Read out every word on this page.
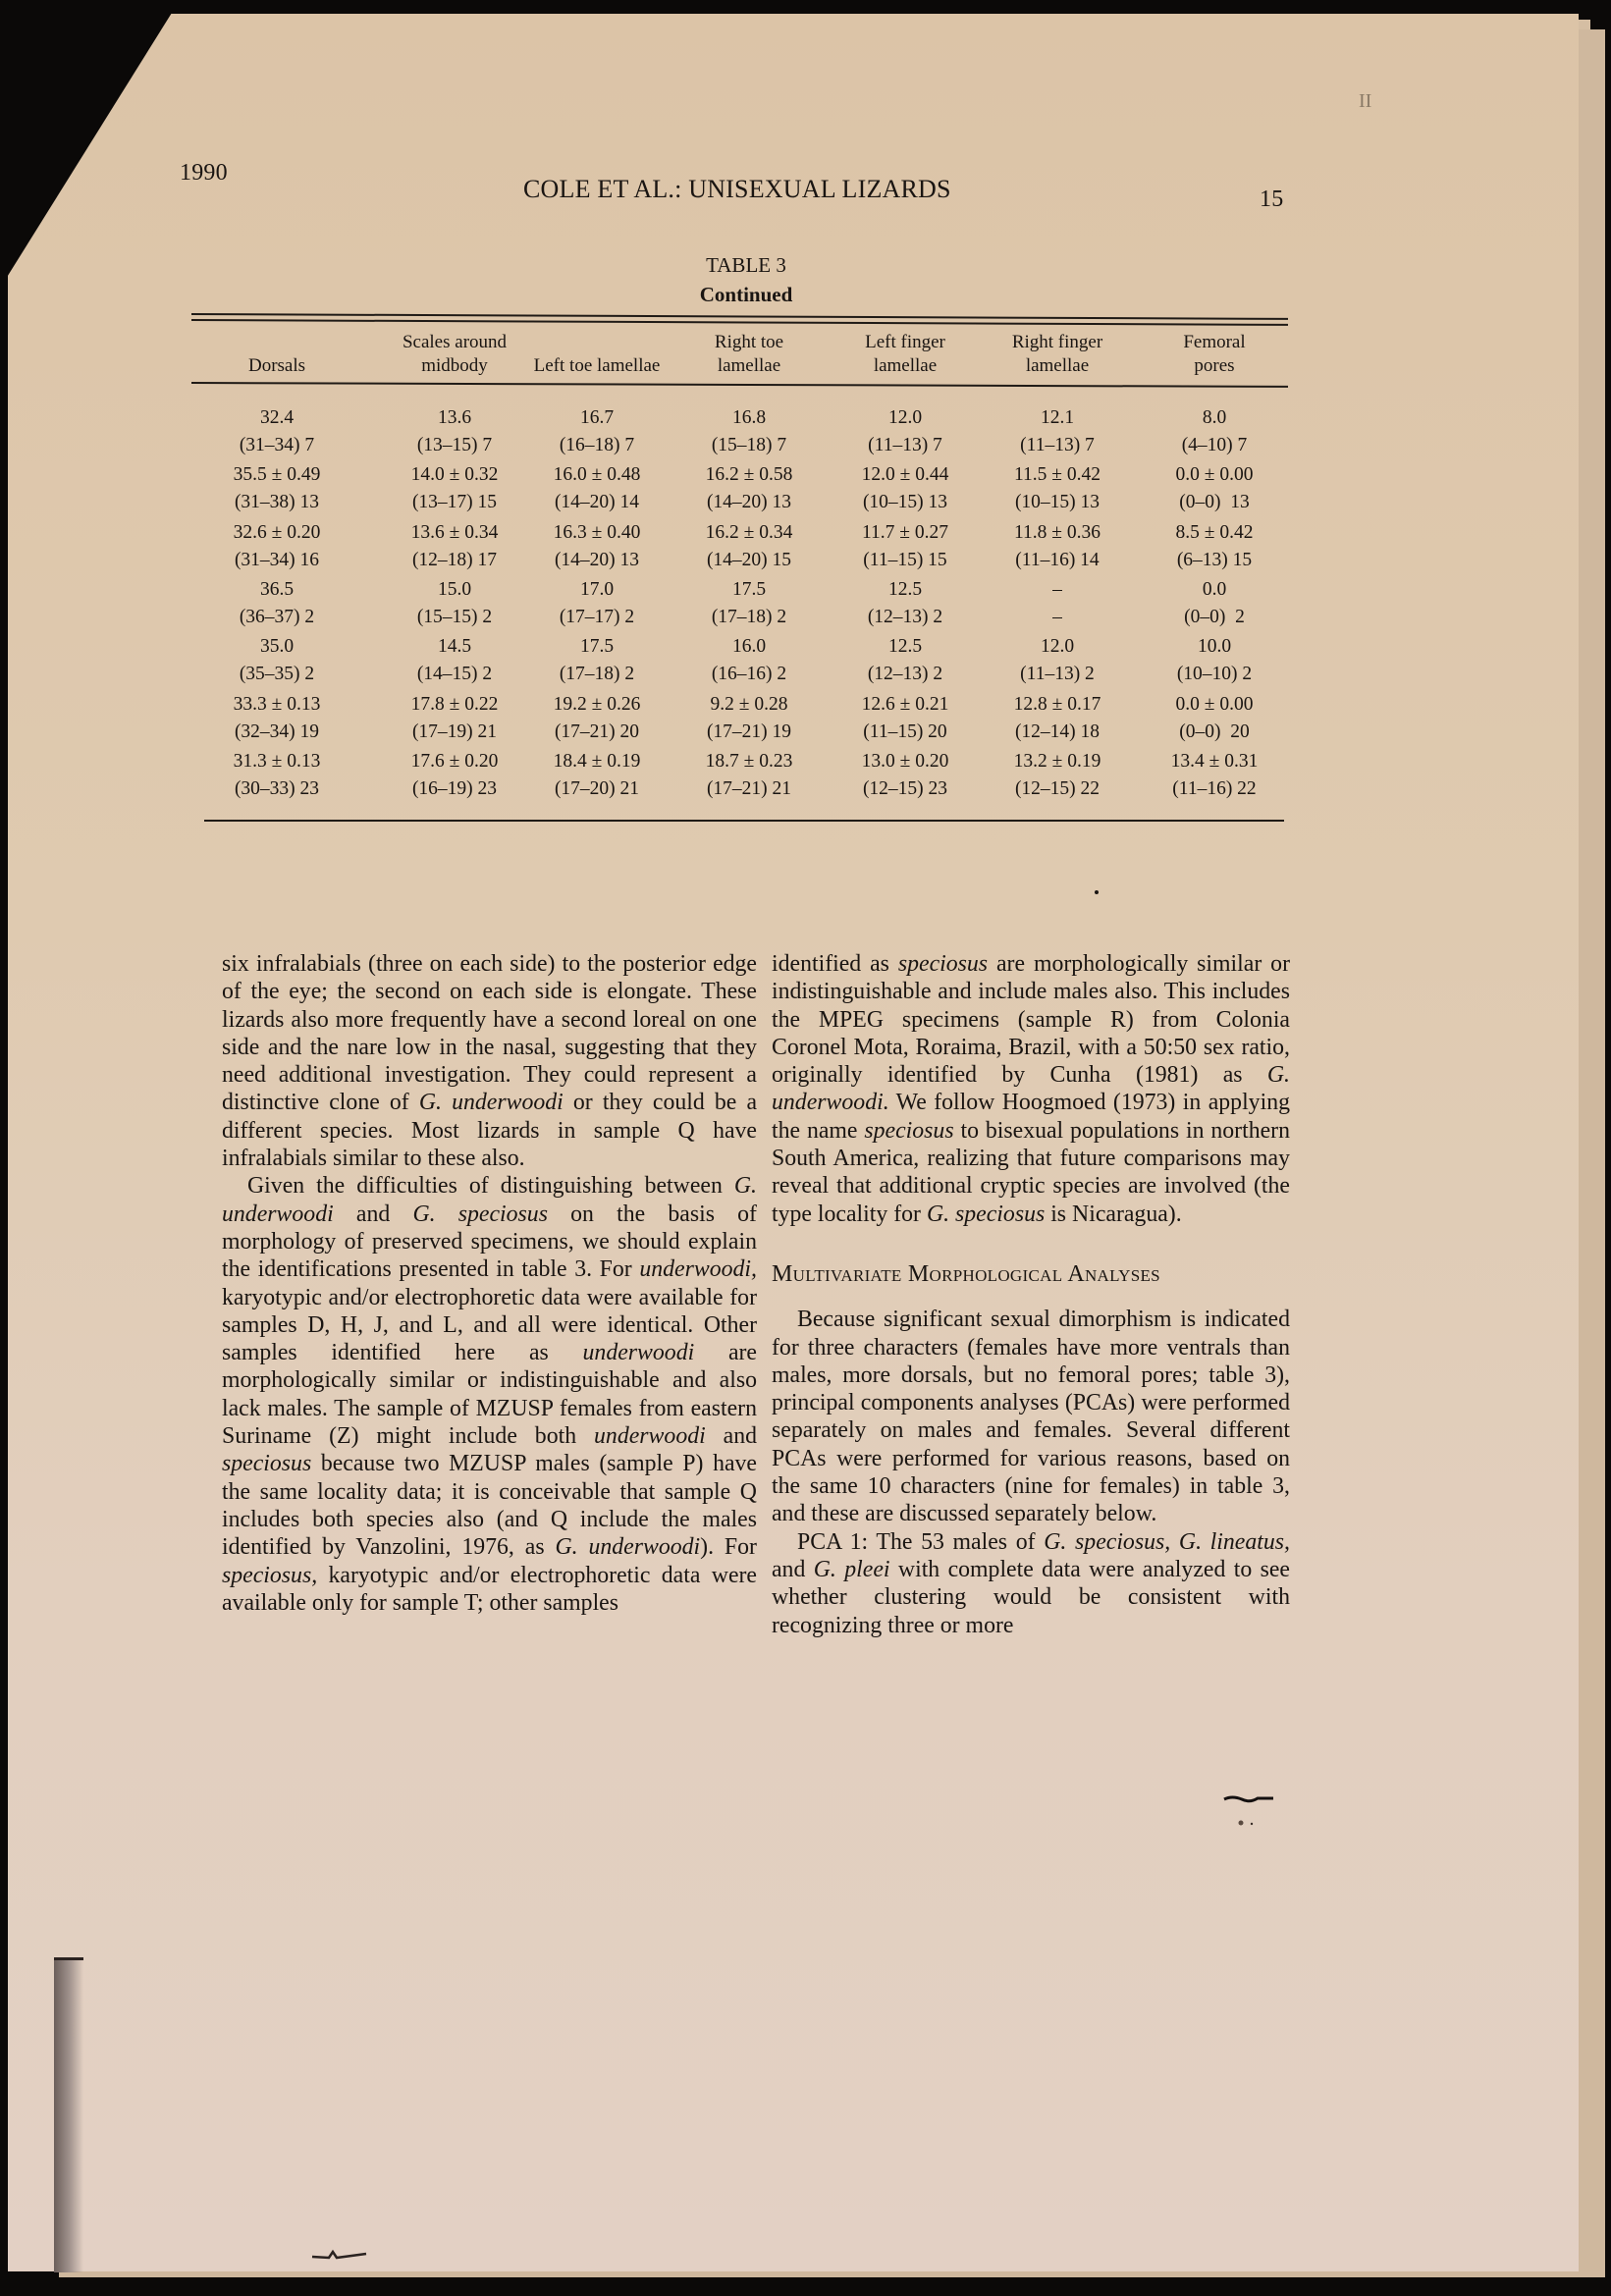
1990
COLE ET AL.: UNISEXUAL LIZARDS	15
II
TABLE 3
Continued
Dorsals
Scales around
midbody	Left toe lamellae
Right toe
lamellae
Left finger
lamellae
Right finger
lamellae
Femoral
pores
32.4
(31–34) 7
13.6
(13–15) 7
16.7
(16–18) 7
16.8
(15–18) 7
12.0
(11–13) 7
12.1
(11–13) 7
8.0
(4–10) 7
35.5 ± 0.49
(31–38) 13
14.0 ± 0.32
(13–17) 15
16.0 ± 0.48
(14–20) 14
16.2 ± 0.58
(14–20) 13
12.0 ± 0.44
(10–15) 13
11.5 ± 0.42
(10–15) 13
0.0 ± 0.00
(0–0)  13
32.6 ± 0.20
(31–34) 16
13.6 ± 0.34
(12–18) 17
16.3 ± 0.40
(14–20) 13
16.2 ± 0.34
(14–20) 15
11.7 ± 0.27
(11–15) 15
11.8 ± 0.36
(11–16) 14
8.5 ± 0.42
(6–13) 15
36.5
(36–37) 2
15.0
(15–15) 2
17.0
(17–17) 2
17.5
(17–18) 2
12.5
(12–13) 2
–
–
0.0
(0–0)  2
35.0
(35–35) 2
14.5
(14–15) 2
17.5
(17–18) 2
16.0
(16–16) 2
12.5
(12–13) 2
12.0
(11–13) 2
10.0
(10–10) 2
33.3 ± 0.13
(32–34) 19
17.8 ± 0.22
(17–19) 21
19.2 ± 0.26
(17–21) 20
9.2 ± 0.28
(17–21) 19
12.6 ± 0.21
(11–15) 20
12.8 ± 0.17
(12–14) 18
0.0 ± 0.00
(0–0)  20
31.3 ± 0.13
(30–33) 23
17.6 ± 0.20
(16–19) 23
18.4 ± 0.19
(17–20) 21
18.7 ± 0.23
(17–21) 21
13.0 ± 0.20
(12–15) 23
13.2 ± 0.19
(12–15) 22
13.4 ± 0.31
(11–16) 22

six infralabials (three on each side) to the posterior edge of the eye; the second on each side is elongate. These lizards also more frequently have a second loreal on one side and the nare low in the nasal, suggesting that they need additional investigation. They could represent a distinctive clone of G. underwoodi or they could be a different species. Most lizards in sample Q have infralabials similar to these also.

Given the difficulties of distinguishing between G. underwoodi and G. speciosus on the basis of morphology of preserved specimens, we should explain the identifications presented in table 3. For underwoodi, karyotypic and/or electrophoretic data were available for samples D, H, J, and L, and all were identical. Other samples identified here as underwoodi are morphologically similar or indistinguishable and also lack males. The sample of MZUSP females from eastern Suriname (Z) might include both underwoodi and speciosus because two MZUSP males (sample P) have the same locality data; it is conceivable that sample Q includes both species also (and Q include the males identified by Vanzolini, 1976, as G. underwoodi). For speciosus, karyotypic and/or electrophoretic data were available only for sample T; other samples

identified as speciosus are morphologically similar or indistinguishable and include males also. This includes the MPEG specimens (sample R) from Colonia Coronel Mota, Roraima, Brazil, with a 50:50 sex ratio, originally identified by Cunha (1981) as G. underwoodi. We follow Hoogmoed (1973) in applying the name speciosus to bisexual populations in northern South America, realizing that future comparisons may reveal that additional cryptic species are involved (the type locality for G. speciosus is Nicaragua).

Multivariate Morphological Analyses

Because significant sexual dimorphism is indicated for three characters (females have more ventrals than males, more dorsals, but no femoral pores; table 3), principal components analyses (PCAs) were performed separately on males and females. Several different PCAs were performed for various reasons, based on the same 10 characters (nine for females) in table 3, and these are discussed separately below.

PCA 1: The 53 males of G. speciosus, G. lineatus, and G. pleei with complete data were analyzed to see whether clustering would be consistent with recognizing three or more
